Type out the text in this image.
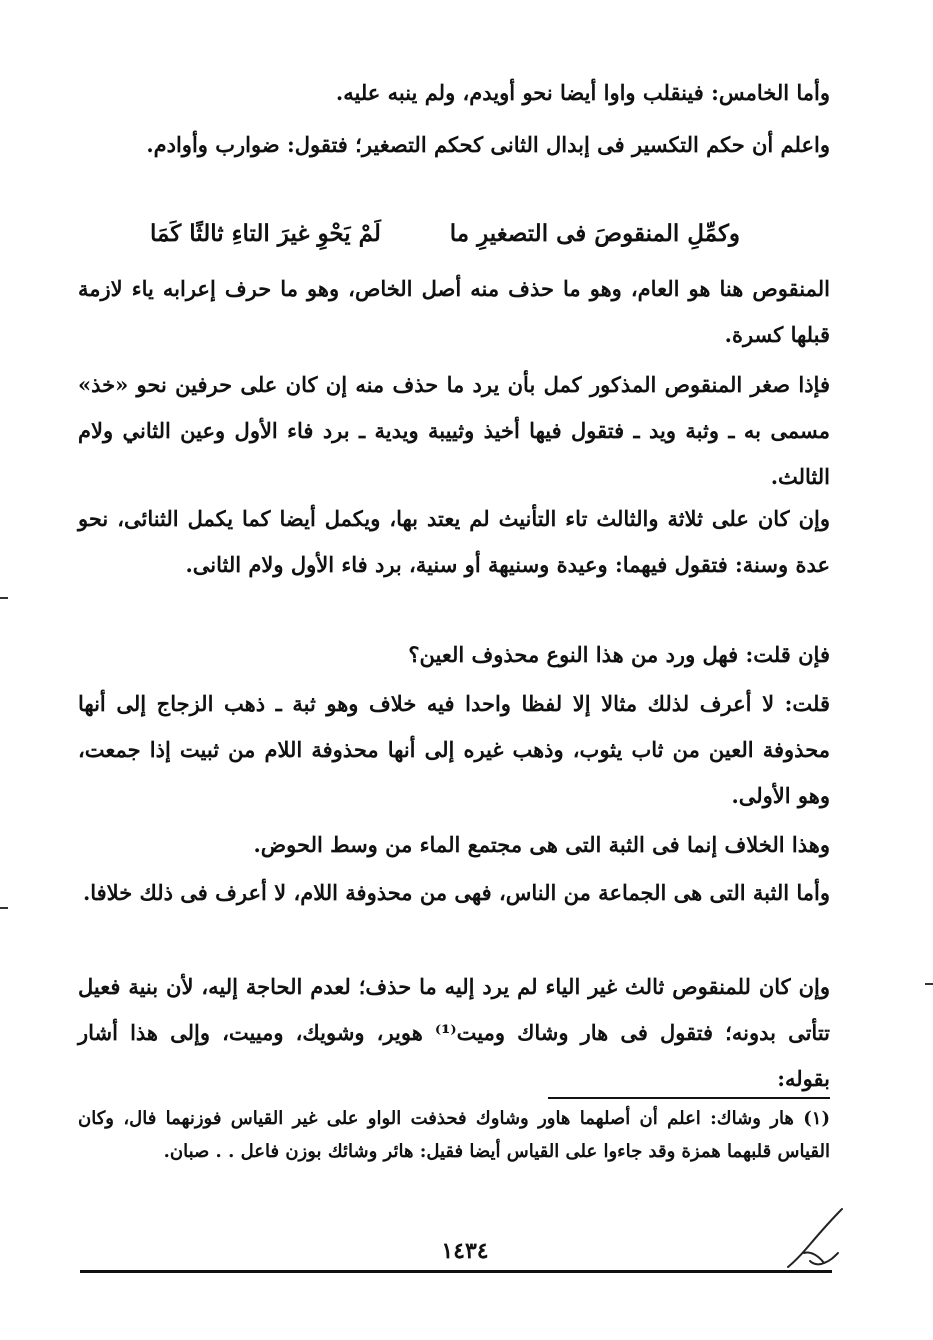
وأما الخامس: فينقلب واوا أيضا نحو أويدم، ولم ينبه عليه.

واعلم أن حكم التكسير فى إبدال الثانى كحكم التصغير؛ فتقول: ضوارب وأوادم.

وكمِّلِ المنقوصَ فى التصغيرِ ما
لَمْ يَحْوِ غيرَ التاءِ ثالثًا كَمَا

المنقوص هنا هو العام، وهو ما حذف منه أصل الخاص، وهو ما حرف إعرابه ياء لازمة قبلها كسرة.

فإذا صغر المنقوص المذكور كمل بأن يرد ما حذف منه إن كان على حرفين نحو «خذ» مسمى به ـ وثبة ويد ـ فتقول فيها أخيذ وثييبة ويدية ـ برد فاء الأول وعين الثاني ولام الثالث.

وإن كان على ثلاثة والثالث تاء التأنيث لم يعتد بها، ويكمل أيضا كما يكمل الثنائى، نحو عدة وسنة: فتقول فيهما: وعيدة وسنيهة أو سنية، برد فاء الأول ولام الثانى.

فإن قلت: فهل ورد من هذا النوع محذوف العين؟

قلت: لا أعرف لذلك مثالا إلا لفظا واحدا فيه خلاف وهو ثبة ـ ذهب الزجاج إلى أنها محذوفة العين من ثاب يثوب، وذهب غيره إلى أنها محذوفة اللام من ثبيت إذا جمعت، وهو الأولى.

وهذا الخلاف إنما فى الثبة التى هى مجتمع الماء من وسط الحوض.

وأما الثبة التى هى الجماعة من الناس، فهى من محذوفة اللام، لا أعرف فى ذلك خلافا.

وإن كان للمنقوص ثالث غير الياء لم يرد إليه ما حذف؛ لعدم الحاجة إليه، لأن بنية فعيل تتأتى بدونه؛ فتقول فى هار وشاك وميت⁽¹⁾ هوير، وشويك، ومييت، وإلى هذا أشار بقوله:

(١) هار وشاك: اعلم أن أصلهما هاور وشاوك فحذفت الواو على غير القياس فوزنهما فال، وكان القياس قلبهما همزة وقد جاءوا على القياس أيضا فقيل: هائر وشائك بوزن فاعل . . صبان.

١٤٣٤
